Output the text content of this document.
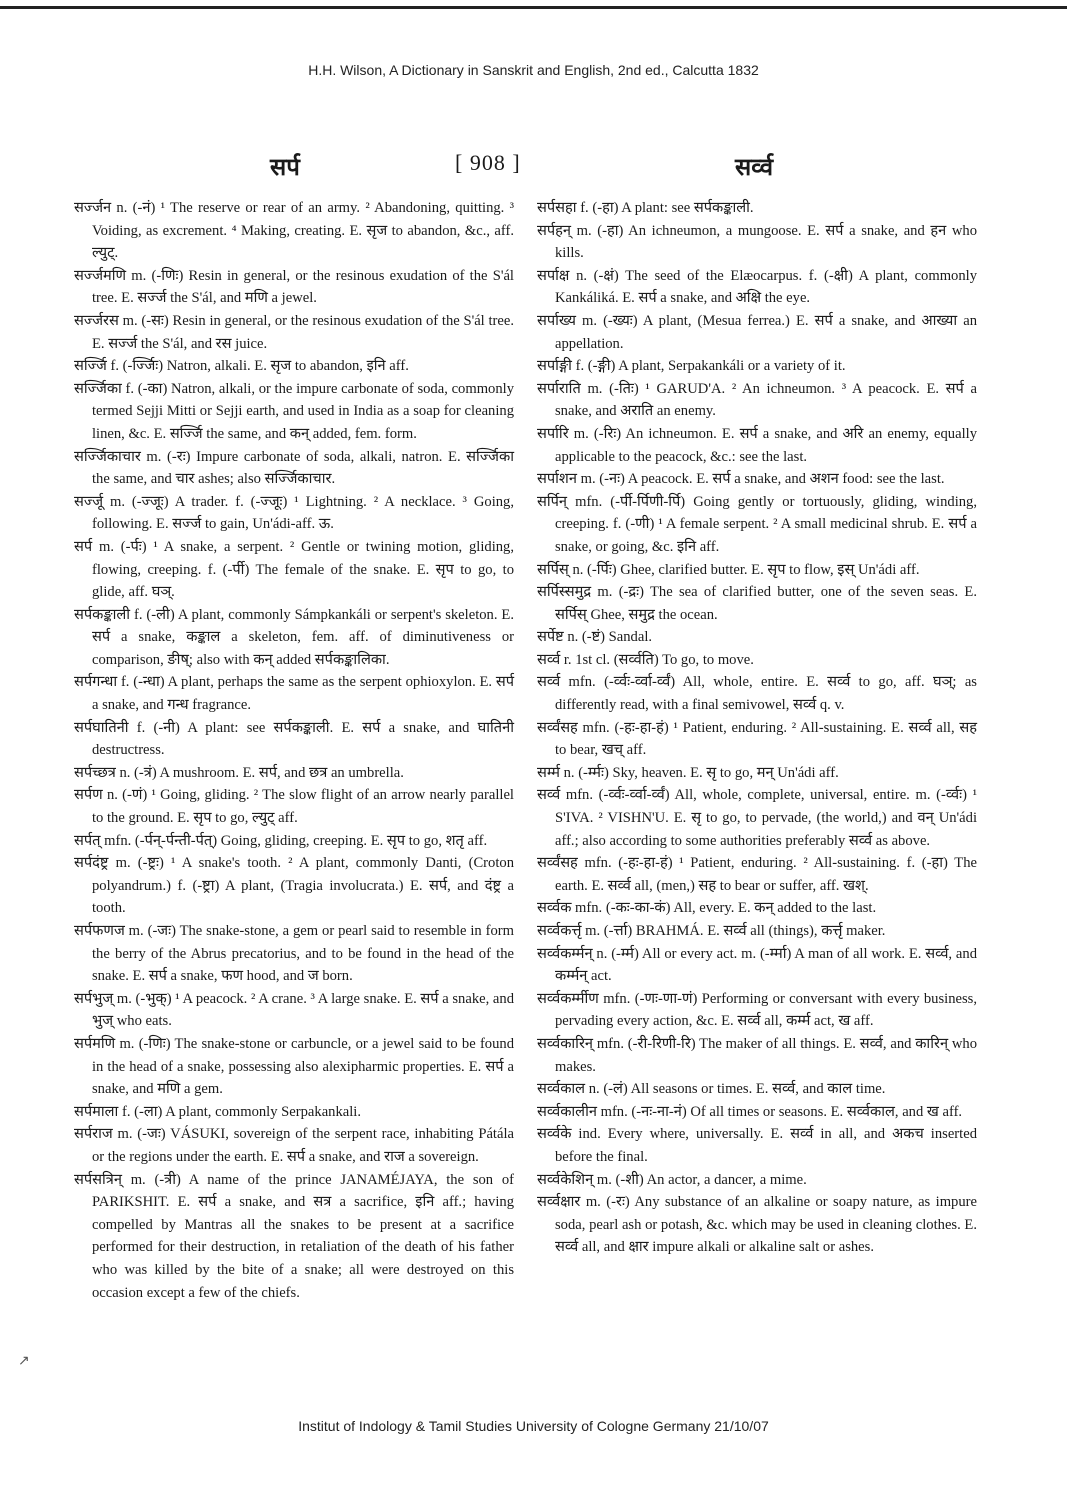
H.H. Wilson, A Dictionary in Sanskrit and English, 2nd ed., Calcutta 1832
सर्प	[ 908 ]	सर्व्व

सर्ज्जन n. (-नं) ¹ The reserve or rear of an army. ² Abandoning, quitting. ³ Voiding, as excrement. ⁴ Making, creating. E. सृज to abandon, &c., aff. ल्युट्.

सर्ज्जमणि m. (-णिः) Resin in general, or the resinous exudation of the S'ál tree. E. सर्ज्ज the S'ál, and मणि a jewel.

सर्ज्जरस m. (-सः) Resin in general, or the resinous exudation of the S'ál tree. E. सर्ज्ज the S'ál, and रस juice.

सर्ज्जि f. (-र्ज्जिः) Natron, alkali. E. सृज to abandon, इनि aff.

सर्ज्जिका f. (-का) Natron, alkali, or the impure carbonate of soda, commonly termed Sejji Mitti or Sejji earth, and used in India as a soap for cleaning linen, &c. E. सर्ज्जि the same, and कन् added, fem. form.

सर्ज्जिकाचार m. (-रः) Impure carbonate of soda, alkali, natron. E. सर्ज्जिका the same, and चार ashes; also सर्ज्जिकाचार.

सर्ज्जू m. (-ज्जूः) A trader. f. (-ज्जूः) ¹ Lightning. ² A necklace. ³ Going, following. E. सर्ज्ज to gain, Un'ádi-aff. ऊ.

सर्प m. (-र्पः) ¹ A snake, a serpent. ² Gentle or twining motion, gliding, flowing, creeping. f. (-र्पी) The female of the snake. E. सृप to go, to glide, aff. घञ्.

सर्पकङ्काली f. (-ली) A plant, commonly Sámpkankáli or serpent's skeleton. E. सर्प a snake, कङ्काल a skeleton, fem. aff. of diminutiveness or comparison, ङीष्; also with कन् added सर्पकङ्कालिका.

सर्पगन्धा f. (-न्धा) A plant, perhaps the same as the serpent ophioxylon. E. सर्प a snake, and गन्ध fragrance.

सर्पघातिनी f. (-नी) A plant: see सर्पकङ्काली. E. सर्प a snake, and घातिनी destructress.

सर्पच्छत्र n. (-त्रं) A mushroom. E. सर्प, and छत्र an umbrella.

सर्पण n. (-णं) ¹ Going, gliding. ² The slow flight of an arrow nearly parallel to the ground. E. सृप to go, ल्युट् aff.

सर्पत् mfn. (-र्पन्-र्पन्ती-र्पत्) Going, gliding, creeping. E. सृप to go, शतृ aff.

सर्पदंष्ट्र m. (-ष्ट्रः) ¹ A snake's tooth. ² A plant, commonly Danti, (Croton polyandrum.) f. (-ष्ट्रा) A plant, (Tragia involucrata.) E. सर्प, and दंष्ट्र a tooth.

सर्पफणज m. (-जः) The snake-stone, a gem or pearl said to resemble in form the berry of the Abrus precatorius, and to be found in the head of the snake. E. सर्प a snake, फण hood, and ज born.

सर्पभुज् m. (-भुक्) ¹ A peacock. ² A crane. ³ A large snake. E. सर्प a snake, and भुज् who eats.

सर्पमणि m. (-णिः) The snake-stone or carbuncle, or a jewel said to be found in the head of a snake, possessing also alexipharmic properties. E. सर्प a snake, and मणि a gem.

सर्पमाला f. (-ला) A plant, commonly Serpakankali.

सर्पराज m. (-जः) VÁSUKI, sovereign of the serpent race, inhabiting Pátála or the regions under the earth. E. सर्प a snake, and राज a sovereign.

सर्पसत्रिन् m. (-त्री) A name of the prince JANAMÉJAYA, the son of PARIKSHIT. E. सर्प a snake, and सत्र a sacrifice, इनि aff.; having compelled by Mantras all the snakes to be present at a sacrifice performed for their destruction, in retaliation of the death of his father who was killed by the bite of a snake; all were destroyed on this occasion except a few of the chiefs.

सर्पसहा f. (-हा) A plant: see सर्पकङ्काली.

सर्पहन् m. (-हा) An ichneumon, a mungoose. E. सर्प a snake, and हन who kills.

सर्पाक्ष n. (-क्षं) The seed of the Elæocarpus. f. (-क्षी) A plant, commonly Kankáliká. E. सर्प a snake, and अक्षि the eye.

सर्पाख्य m. (-ख्यः) A plant, (Mesua ferrea.) E. सर्प a snake, and आख्या an appellation.

सर्पाङ्गी f. (-ङ्गी) A plant, Serpakankáli or a variety of it.

सर्पाराति m. (-तिः) ¹ GARUD'A. ² An ichneumon. ³ A peacock. E. सर्प a snake, and अराति an enemy.

सर्पारि m. (-रिः) An ichneumon. E. सर्प a snake, and अरि an enemy, equally applicable to the peacock, &c.: see the last.

सर्पाशन m. (-नः) A peacock. E. सर्प a snake, and अशन food: see the last.

सर्पिन् mfn. (-र्पी-र्पिणी-र्पि) Going gently or tortuously, gliding, winding, creeping. f. (-णी) ¹ A female serpent. ² A small medicinal shrub. E. सर्प a snake, or going, &c. इनि aff.

सर्पिस् n. (-र्पिः) Ghee, clarified butter. E. सृप to flow, इस् Un'ádi aff.

सर्पिस्समुद्र m. (-द्रः) The sea of clarified butter, one of the seven seas. E. सर्पिस् Ghee, समुद्र the ocean.

सर्पेष्ट n. (-ष्टं) Sandal.

सर्व्व r. 1st cl. (सर्व्वति) To go, to move.

सर्व्व mfn. (-र्व्वः-र्व्वा-र्व्वं) All, whole, entire. E. सर्व्व to go, aff. घञ्; as differently read, with a final semivowel, सर्व्व q. v.

सर्व्वंसह mfn. (-हः-हा-हं) ¹ Patient, enduring. ² All-sustaining. E. सर्व्व all, सह to bear, खच् aff.

सर्म्म n. (-र्म्मः) Sky, heaven. E. सृ to go, मन् Un'ádi aff.

सर्व्व mfn. (-र्व्वः-र्व्वा-र्व्वं) All, whole, complete, universal, entire. m. (-र्व्वः) ¹ S'IVA. ² VISHN'U. E. सृ to go, to pervade, (the world,) and वन् Un'ádi aff.; also according to some authorities preferably सर्व्व as above.

सर्व्वंसह mfn. (-हः-हा-हं) ¹ Patient, enduring. ² All-sustaining. f. (-हा) The earth. E. सर्व्व all, (men,) सह to bear or suffer, aff. खश्.

सर्व्वक mfn. (-कः-का-कं) All, every. E. कन् added to the last.

सर्व्वकर्त्तृ m. (-र्त्ता) BRAHMÁ. E. सर्व्व all (things), कर्त्तृ maker.

सर्व्वकर्म्मन् n. (-र्म्म) All or every act. m. (-र्म्मा) A man of all work. E. सर्व्व, and कर्म्मन् act.

सर्व्वकर्म्मीण mfn. (-णः-णा-णं) Performing or conversant with every business, pervading every action, &c. E. सर्व्व all, कर्म्म act, ख aff.

सर्व्वकारिन् mfn. (-री-रिणी-रि) The maker of all things. E. सर्व्व, and कारिन् who makes.

सर्व्वकाल n. (-लं) All seasons or times. E. सर्व्व, and काल time.

सर्व्वकालीन mfn. (-नः-ना-नं) Of all times or seasons. E. सर्व्वकाल, and ख aff.

सर्व्वके ind. Every where, universally. E. सर्व्व in all, and अकच inserted before the final.

सर्व्वकेशिन् m. (-शी) An actor, a dancer, a mime.

सर्व्वक्षार m. (-रः) Any substance of an alkaline or soapy nature, as impure soda, pearl ash or potash, &c. which may be used in cleaning clothes. E. सर्व्व all, and क्षार impure alkali or alkaline salt or ashes.

↗
Institut of Indology & Tamil Studies University of Cologne Germany 21/10/07
